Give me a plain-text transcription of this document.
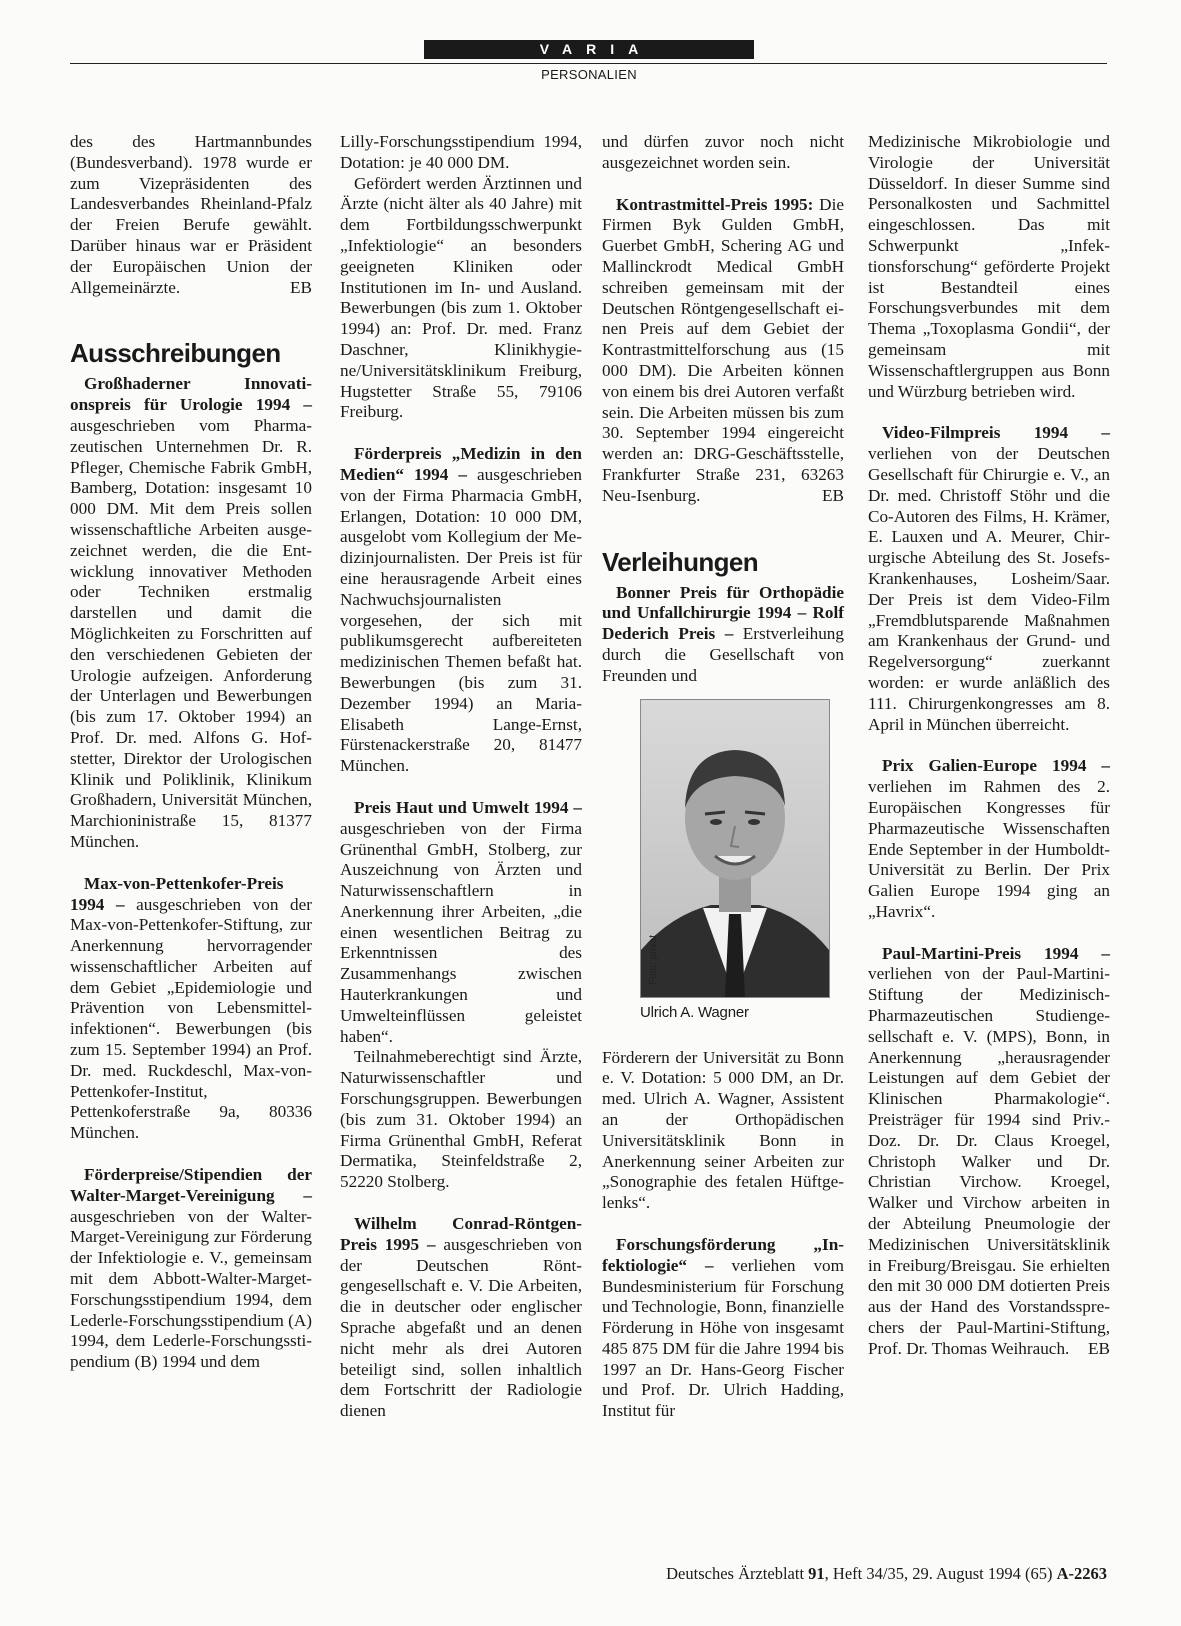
VARIA
PERSONALIEN

des des Hartmannbundes (Bundesverband). 1978 wurde er zum Vizepräsidenten des Landesverbandes Rheinland-Pfalz der Freien Berufe gewählt. Darüber hinaus war er Präsident der Europäischen Union der Allgemeinärzte.	EB

Ausschreibungen

Großhaderner Innovationspreis für Urologie 1994 – ausgeschrieben vom Pharmazeutischen Unternehmen Dr. R. Pfleger, Chemische Fabrik GmbH, Bamberg, Dotation: insgesamt 10 000 DM. Mit dem Preis sollen wissenschaftliche Arbeiten ausgezeichnet werden, die die Entwicklung innovativer Methoden oder Techniken erstmalig darstellen und damit die Möglichkeiten zu Forschritten auf den verschiedenen Gebieten der Urologie aufzeigen. Anforderung der Unterlagen und Bewerbungen (bis zum 17. Oktober 1994) an Prof. Dr. med. Alfons G. Hofstetter, Direktor der Urologischen Klinik und Poliklinik, Klinikum Großhadern, Universität München, Marchioninistraße 15, 81377 München.

Max-von-Pettenkofer-Preis 1994 – ausgeschrieben von der Max-von-Pettenkofer-Stiftung, zur Anerkennung hervorragender wissenschaftlicher Arbeiten auf dem Gebiet „Epidemiologie und Prävention von Lebensmittelinfektionen“. Bewerbungen (bis zum 15. September 1994) an Prof. Dr. med. Ruckdeschl, Max-von-Pettenkofer-Institut, Pettenkoferstraße 9a, 80336 München.

Förderpreise/Stipendien der Walter-Marget-Vereinigung – ausgeschrieben von der Walter-Marget-Vereinigung zur Förderung der Infektiologie e. V., gemeinsam mit dem Abbott-Walter-Marget-Forschungsstipendium 1994, dem Lederle-Forschungsstipendium (A) 1994, dem Lederle-Forschungsstipendium (B) 1994 und dem

Lilly-Forschungsstipendium 1994, Dotation: je 40 000 DM.

Gefördert werden Ärztinnen und Ärzte (nicht älter als 40 Jahre) mit dem Fortbildungsschwerpunkt „Infektiologie“ an besonders geeigneten Kliniken oder Institutionen im In- und Ausland. Bewerbungen (bis zum 1. Oktober 1994) an: Prof. Dr. med. Franz Daschner, Klinikhygiene/Universitätsklinikum Freiburg, Hugstetter Straße 55, 79106 Freiburg.

Förderpreis „Medizin in den Medien“ 1994 – ausgeschrieben von der Firma Pharmacia GmbH, Erlangen, Dotation: 10 000 DM, ausgelobt vom Kollegium der Medizinjournalisten. Der Preis ist für eine herausragende Arbeit eines Nachwuchsjournalisten vorgesehen, der sich mit publikumsgerecht aufbereiteten medizinischen Themen befaßt hat. Bewerbungen (bis zum 31. Dezember 1994) an Maria-Elisabeth Lange-Ernst, Fürstenackerstraße 20, 81477 München.

Preis Haut und Umwelt 1994 – ausgeschrieben von der Firma Grünenthal GmbH, Stolberg, zur Auszeichnung von Ärzten und Naturwissenschaftlern in Anerkennung ihrer Arbeiten, „die einen wesentlichen Beitrag zu Erkenntnissen des Zusammenhangs zwischen Hauterkrankungen und Umwelteinflüssen geleistet haben“.

Teilnahmeberechtigt sind Ärzte, Naturwissenschaftler und Forschungsgruppen. Bewerbungen (bis zum 31. Oktober 1994) an Firma Grünenthal GmbH, Referat Dermatika, Steinfeldstraße 2, 52220 Stolberg.

Wilhelm Conrad-Röntgen-Preis 1995 – ausgeschrieben von der Deutschen Röntgengesellschaft e. V. Die Arbeiten, die in deutscher oder englischer Sprache abgefaßt und an denen nicht mehr als drei Autoren beteiligt sind, sollen inhaltlich dem Fortschritt der Radiologie dienen

und dürfen zuvor noch nicht ausgezeichnet worden sein.

Kontrastmittel-Preis 1995: Die Firmen Byk Gulden GmbH, Guerbet GmbH, Schering AG und Mallinckrodt Medical GmbH schreiben gemeinsam mit der Deutschen Röntgengesellschaft einen Preis auf dem Gebiet der Kontrastmittelforschung aus (15 000 DM). Die Arbeiten können von einem bis drei Autoren verfaßt sein. Die Arbeiten müssen bis zum 30. September 1994 eingereicht werden an: DRG-Geschäftsstelle, Frankfurter Straße 231, 63263 Neu-Isenburg.	EB

Verleihungen

Bonner Preis für Orthopädie und Unfallchirurgie 1994 – Rolf Dederich Preis – Erstverleihung durch die Gesellschaft von Freunden und

Foto: privat
Ulrich A. Wagner

Förderern der Universität zu Bonn e. V. Dotation: 5 000 DM, an Dr. med. Ulrich A. Wagner, Assistent an der Orthopädischen Universitätsklinik Bonn in Anerkennung seiner Arbeiten zur „Sonographie des fetalen Hüftgelenks“.

Forschungsförderung „Infektiologie“ – verliehen vom Bundesministerium für Forschung und Technologie, Bonn, finanzielle Förderung in Höhe von insgesamt 485 875 DM für die Jahre 1994 bis 1997 an Dr. Hans-Georg Fischer und Prof. Dr. Ulrich Hadding, Institut für

Medizinische Mikrobiologie und Virologie der Universität Düsseldorf. In dieser Summe sind Personalkosten und Sachmittel eingeschlossen. Das mit Schwerpunkt „Infektionsforschung“ geförderte Projekt ist Bestandteil eines Forschungsverbundes mit dem Thema „Toxoplasma Gondii“, der gemeinsam mit Wissenschaftlergruppen aus Bonn und Würzburg betrieben wird.

Video-Filmpreis 1994 – verliehen von der Deutschen Gesellschaft für Chirurgie e. V., an Dr. med. Christoff Stöhr und die Co-Autoren des Films, H. Krämer, E. Lauxen und A. Meurer, Chirurgische Abteilung des St. Josefs-Krankenhauses, Losheim/Saar. Der Preis ist dem Video-Film „Fremdblutsparende Maßnahmen am Krankenhaus der Grund- und Regelversorgung“ zuerkannt worden: er wurde anläßlich des 111. Chirurgenkongresses am 8. April in München überreicht.

Prix Galien-Europe 1994 – verliehen im Rahmen des 2. Europäischen Kongresses für Pharmazeutische Wissenschaften Ende September in der Humboldt-Universität zu Berlin. Der Prix Galien Europe 1994 ging an „Havrix“.

Paul-Martini-Preis 1994 – verliehen von der Paul-Martini-Stiftung der Medizinisch-Pharmazeutischen Studiengesellschaft e. V. (MPS), Bonn, in Anerkennung „herausragender Leistungen auf dem Gebiet der Klinischen Pharmakologie“. Preisträger für 1994 sind Priv.-Doz. Dr. Dr. Claus Kroegel, Christoph Walker und Dr. Christian Virchow. Kroegel, Walker und Virchow arbeiten in der Abteilung Pneumologie der Medizinischen Universitätsklinik in Freiburg/Breisgau. Sie erhielten den mit 30 000 DM dotierten Preis aus der Hand des Vorstandssprechers der Paul-Martini-Stiftung, Prof. Dr. Thomas Weihrauch.	EB

Deutsches Ärzteblatt 91, Heft 34/35, 29. August 1994 (65) A-2263
